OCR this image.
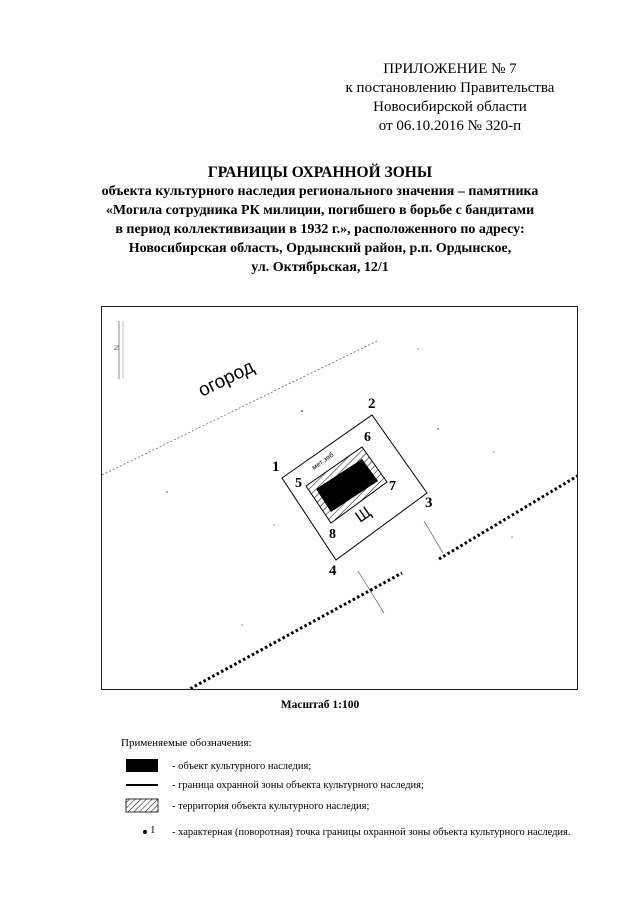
ПРИЛОЖЕНИЕ № 7
к постановлению Правительства
Новосибирской области
от 06.10.2016 № 320-п
ГРАНИЦЫ ОХРАННОЙ ЗОНЫ
объекта культурного наследия регионального значения – памятника
«Могила сотрудника РК милиции, погибшего в борьбе с бандитами
в период коллективизации в 1932 г.», расположенного по адресу:
Новосибирская область, Ордынский район, р.п. Ордынское,
ул. Октябрьская, 12/1
N
огород
мет зяб
Щ
1
2
3
4
5
6
7
8
Масштаб 1:100
Применяемые обозначения:
- объект культурного наследия;
- граница охранной зоны объекта культурного наследия;
- территория объекта культурного наследия;
1 - характерная (поворотная) точка границы охранной зоны объекта культурного наследия.
